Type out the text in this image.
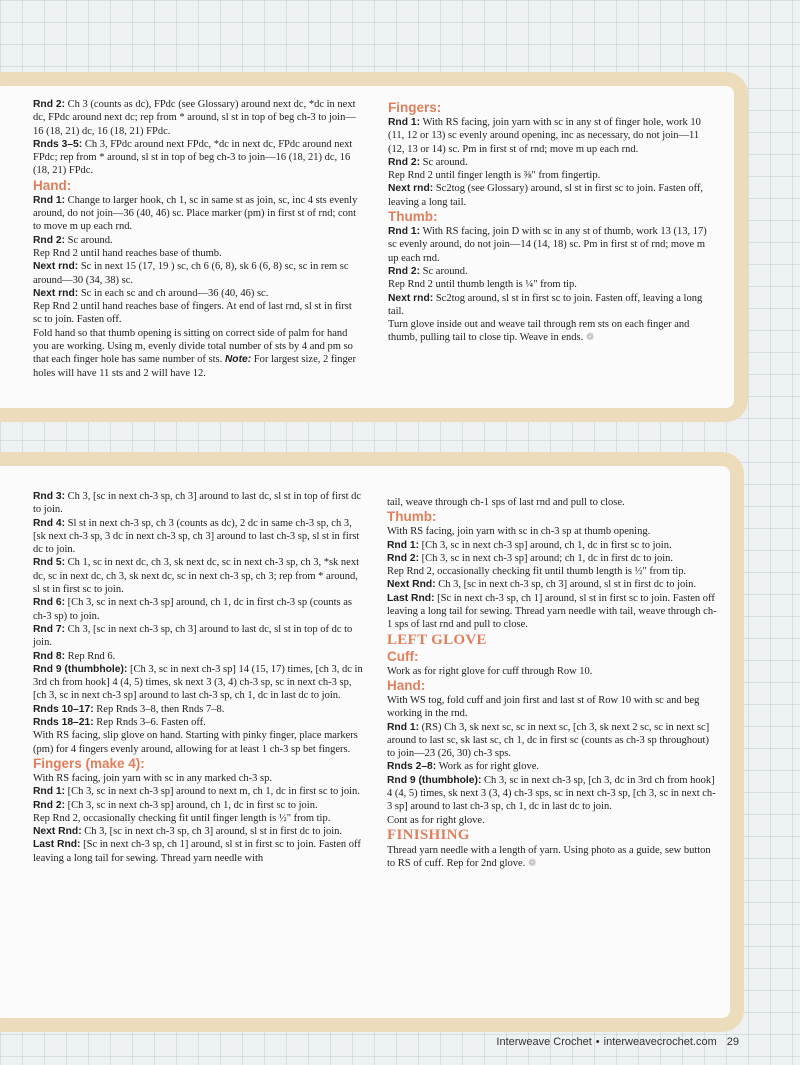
Rnd 2: Ch 3 (counts as dc), FPdc (see Glossary) around next dc, *dc in next dc, FPdc around next dc; rep from * around, sl st in top of beg ch-3 to join—16 (18, 21) dc, 16 (18, 21) FPdc.

Rnds 3–5: Ch 3, FPdc around next FPdc, *dc in next dc, FPdc around next FPdc; rep from * around, sl st in top of beg ch-3 to join—16 (18, 21) dc, 16 (18, 21) FPdc.

Hand:

Rnd 1: Change to larger hook, ch 1, sc in same st as join, sc, inc 4 sts evenly around, do not join—36 (40, 46) sc. Place marker (pm) in first st of rnd; cont to move m up each rnd.

Rnd 2: Sc around.

Rep Rnd 2 until hand reaches base of thumb.

Next rnd: Sc in next 15 (17, 19 ) sc, ch 6 (6, 8), sk 6 (6, 8) sc, sc in rem sc around—30 (34, 38) sc.

Next rnd: Sc in each sc and ch around—36 (40, 46) sc.

Rep Rnd 2 until hand reaches base of fingers. At end of last rnd, sl st in first sc to join. Fasten off.

Fold hand so that thumb opening is sitting on correct side of palm for hand you are working. Using m, evenly divide total number of sts by 4 and pm so that each finger hole has same number of sts. Note: For largest size, 2 finger holes will have 11 sts and 2 will have 12.

Fingers:

Rnd 1: With RS facing, join yarn with sc in any st of finger hole, work 10 (11, 12 or 13) sc evenly around opening, inc as necessary, do not join—11 (12, 13 or 14) sc. Pm in first st of rnd; move m up each rnd.

Rnd 2: Sc around.

Rep Rnd 2 until finger length is ⅜" from fingertip.

Next rnd: Sc2tog (see Glossary) around, sl st in first sc to join. Fasten off, leaving a long tail.

Thumb:

Rnd 1: With RS facing, join D with sc in any st of thumb, work 13 (13, 17) sc evenly around, do not join—14 (14, 18) sc. Pm in first st of rnd; move m up each rnd.

Rnd 2: Sc around.

Rep Rnd 2 until thumb length is ¼" from tip.

Next rnd: Sc2tog around, sl st in first sc to join. Fasten off, leaving a long tail.

Turn glove inside out and weave tail through rem sts on each finger and thumb, pulling tail to close tip. Weave in ends. ❁

Rnd 3: Ch 3, [sc in next ch-3 sp, ch 3] around to last dc, sl st in top of first dc to join.

Rnd 4: Sl st in next ch-3 sp, ch 3 (counts as dc), 2 dc in same ch-3 sp, ch 3, [sk next ch-3 sp, 3 dc in next ch-3 sp, ch 3] around to last ch-3 sp, sl st in first dc to join.

Rnd 5: Ch 1, sc in next dc, ch 3, sk next dc, sc in next ch-3 sp, ch 3, *sk next dc, sc in next dc, ch 3, sk next dc, sc in next ch-3 sp, ch 3; rep from * around, sl st in first sc to join.

Rnd 6: [Ch 3, sc in next ch-3 sp] around, ch 1, dc in first ch-3 sp (counts as ch-3 sp) to join.

Rnd 7: Ch 3, [sc in next ch-3 sp, ch 3] around to last dc, sl st in top of dc to join.

Rnd 8: Rep Rnd 6.

Rnd 9 (thumbhole): [Ch 3, sc in next ch-3 sp] 14 (15, 17) times, [ch 3, dc in 3rd ch from hook] 4 (4, 5) times, sk next 3 (3, 4) ch-3 sp, sc in next ch-3 sp, [ch 3, sc in next ch-3 sp] around to last ch-3 sp, ch 1, dc in last dc to join.

Rnds 10–17: Rep Rnds 3–8, then Rnds 7–8.

Rnds 18–21: Rep Rnds 3–6. Fasten off.

With RS facing, slip glove on hand. Starting with pinky finger, place markers (pm) for 4 fingers evenly around, allowing for at least 1 ch-3 sp bet fingers.

Fingers (make 4):

With RS facing, join yarn with sc in any marked ch-3 sp.

Rnd 1: [Ch 3, sc in next ch-3 sp] around to next m, ch 1, dc in first sc to join.

Rnd 2: [Ch 3, sc in next ch-3 sp] around, ch 1, dc in first sc to join.

Rep Rnd 2, occasionally checking fit until finger length is ½" from tip.

Next Rnd: Ch 3, [sc in next ch-3 sp, ch 3] around, sl st in first dc to join.

Last Rnd: [Sc in next ch-3 sp, ch 1] around, sl st in first sc to join. Fasten off leaving a long tail for sewing. Thread yarn needle with

tail, weave through ch-1 sps of last rnd and pull to close.

Thumb:

With RS facing, join yarn with sc in ch-3 sp at thumb opening.

Rnd 1: [Ch 3, sc in next ch-3 sp] around, ch 1, dc in first sc to join.

Rnd 2: [Ch 3, sc in next ch-3 sp] around; ch 1, dc in first dc to join.

Rep Rnd 2, occasionally checking fit until thumb length is ½" from tip.

Next Rnd: Ch 3, [sc in next ch-3 sp, ch 3] around, sl st in first dc to join.

Last Rnd: [Sc in next ch-3 sp, ch 1] around, sl st in first sc to join. Fasten off leaving a long tail for sewing. Thread yarn needle with tail, weave through ch-1 sps of last rnd and pull to close.

LEFT GLOVE

Cuff:

Work as for right glove for cuff through Row 10.

Hand:

With WS tog, fold cuff and join first and last st of Row 10 with sc and beg working in the rnd.

Rnd 1: (RS) Ch 3, sk next sc, sc in next sc, [ch 3, sk next 2 sc, sc in next sc] around to last sc, sk last sc, ch 1, dc in first sc (counts as ch-3 sp throughout) to join—23 (26, 30) ch-3 sps.

Rnds 2–8: Work as for right glove.

Rnd 9 (thumbhole): Ch 3, sc in next ch-3 sp, [ch 3, dc in 3rd ch from hook] 4 (4, 5) times, sk next 3 (3, 4) ch-3 sps, sc in next ch-3 sp, [ch 3, sc in next ch-3 sp] around to last ch-3 sp, ch 1, dc in last dc to join.

Cont as for right glove.

FINISHING

Thread yarn needle with a length of yarn. Using photo as a guide, sew button to RS of cuff. Rep for 2nd glove. ❁

Interweave Crochet • interweavecrochet.com 29
